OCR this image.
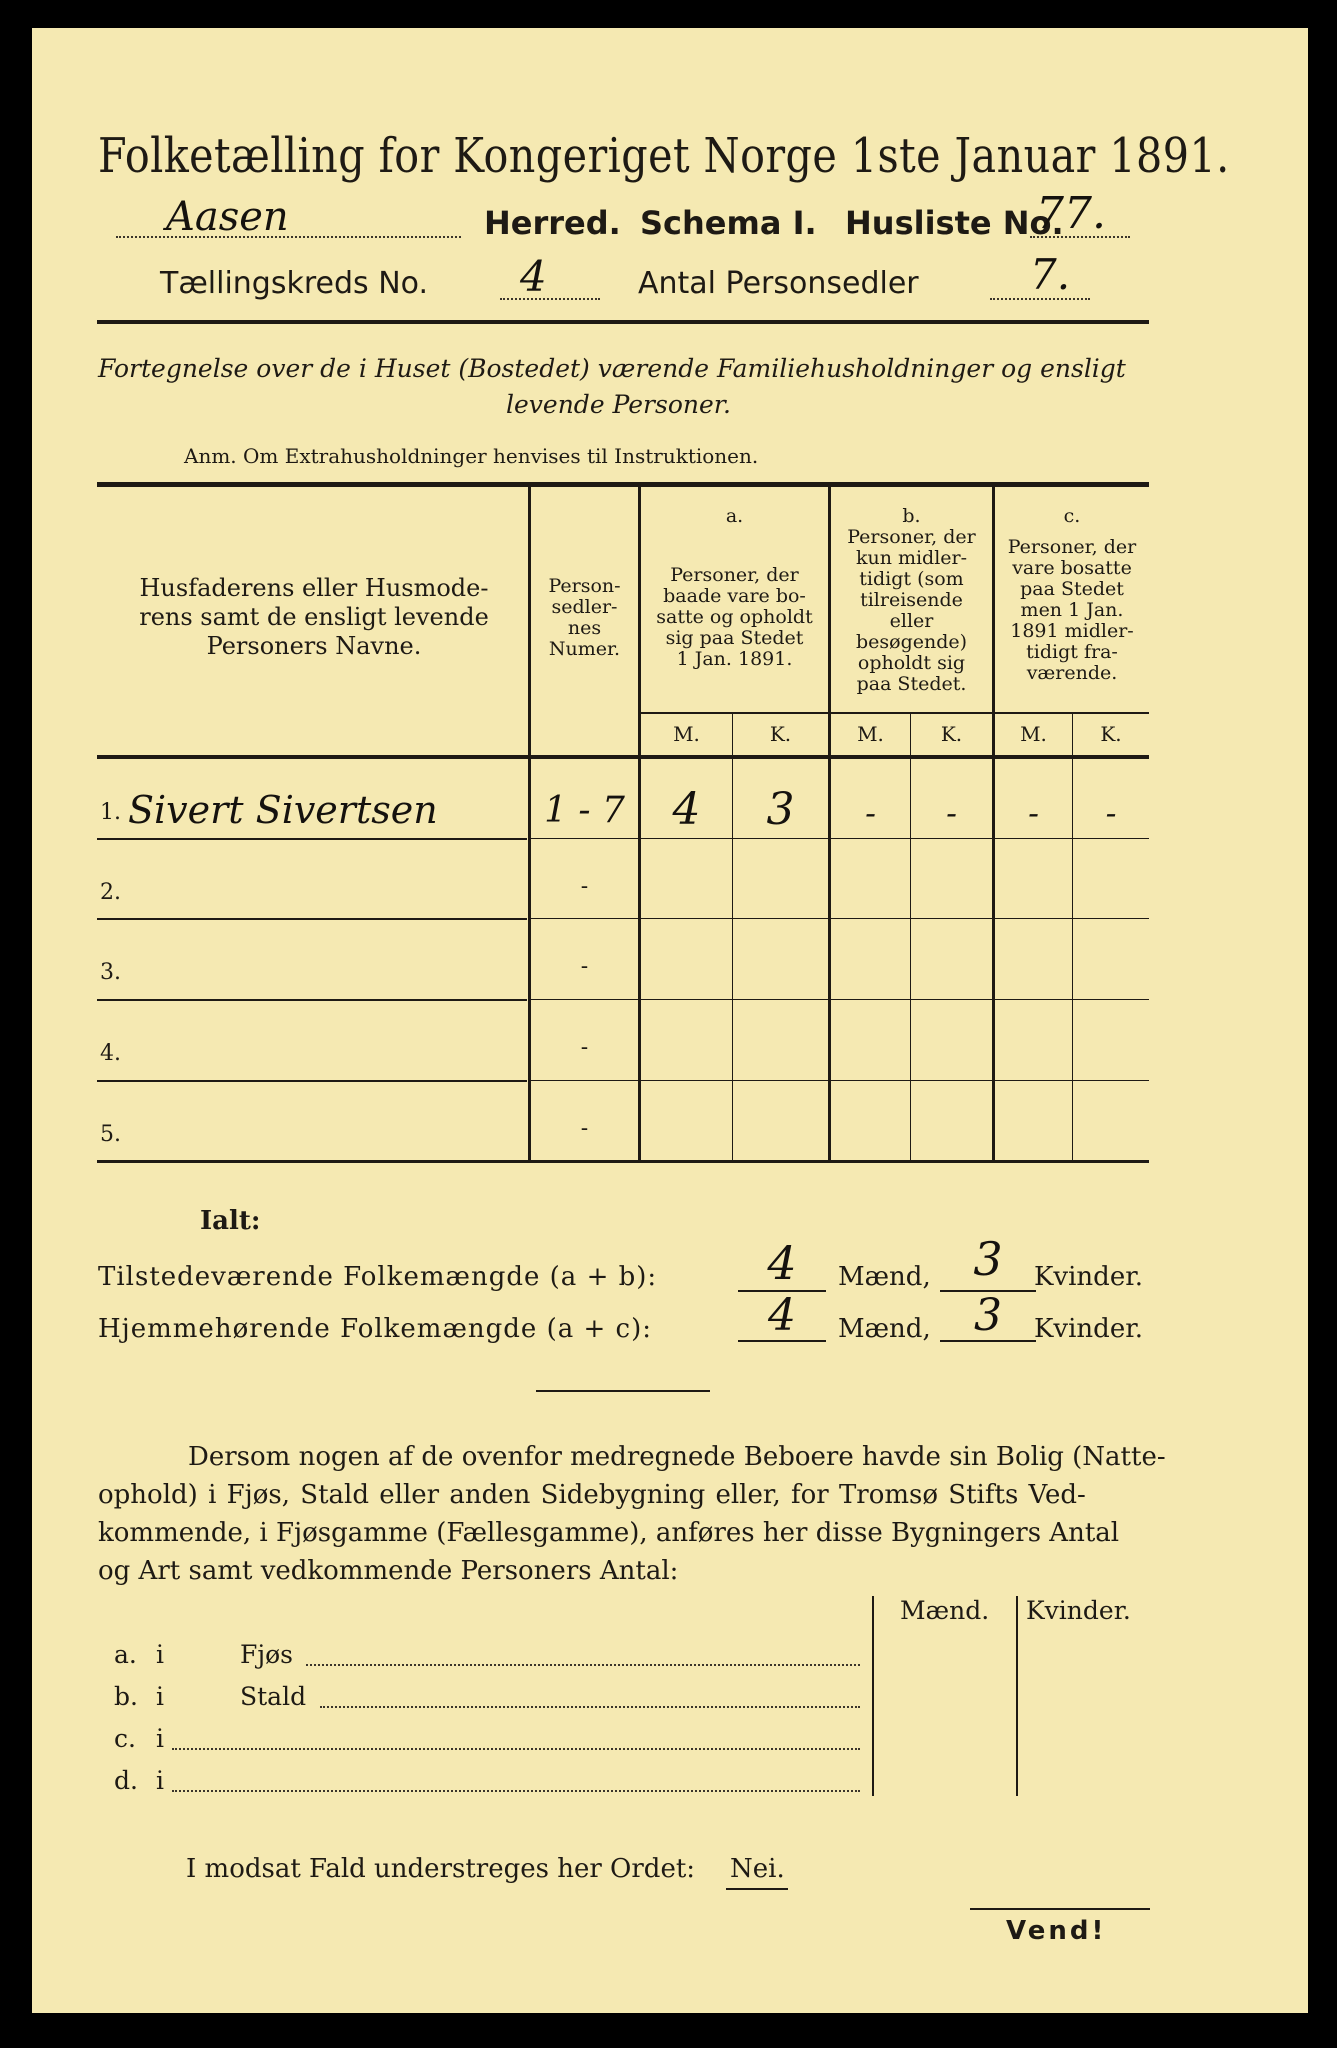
Folketælling for Kongeriget Norge 1ste Januar 1891.
Aasen	Herred. Schema I. Husliste No.
77.
Tællingskreds No. 4	Antal Personsedler	7.
Fortegnelse over de i Huset (Bostedet) værende Familiehusholdninger og ensligt
levende Personer.
Anm. Om Extrahusholdninger henvises til Instruktionen.
Husfaderens eller Husmode-
rens samt de ensligt levende
Personers Navne.
Person-
sedler-
nes
Numer.
a.
Personer, der
baade vare bo-
satte og opholdt
sig paa Stedet
1 Jan. 1891.
b.
Personer, der
kun midler-
tidigt (som
tilreisende
eller
besøgende)
opholdt sig
paa Stedet.
c.
Personer, der
vare bosatte
paa Stedet
men 1 Jan.
1891 midler-
tidigt fra-
værende.
M.	K.	M.	K.	M.	K.
1. Sivert Sivertsen	1 - 7	4	3	-	-	-	-
2.	-
3.	-
4.	-
5.	-
Ialt:
Tilstedeværende Folkemængde (a + b):	4	Mænd, 3	Kvinder.
Hjemmehørende Folkemængde (a + c):	4	Mænd, 3	Kvinder.
Dersom nogen af de ovenfor medregnede Beboere havde sin Bolig (Natte-
ophold) i Fjøs, Stald eller anden Sidebygning eller, for Tromsø Stifts Ved-
kommende, i Fjøsgamme (Fællesgamme), anføres her disse Bygningers Antal
og Art samt vedkommende Personers Antal:
Mænd. Kvinder.
a. i	Fjøs
b. i	Stald
c. i
d. i
I modsat Fald understreges her Ordet: Nei.
Vend!
